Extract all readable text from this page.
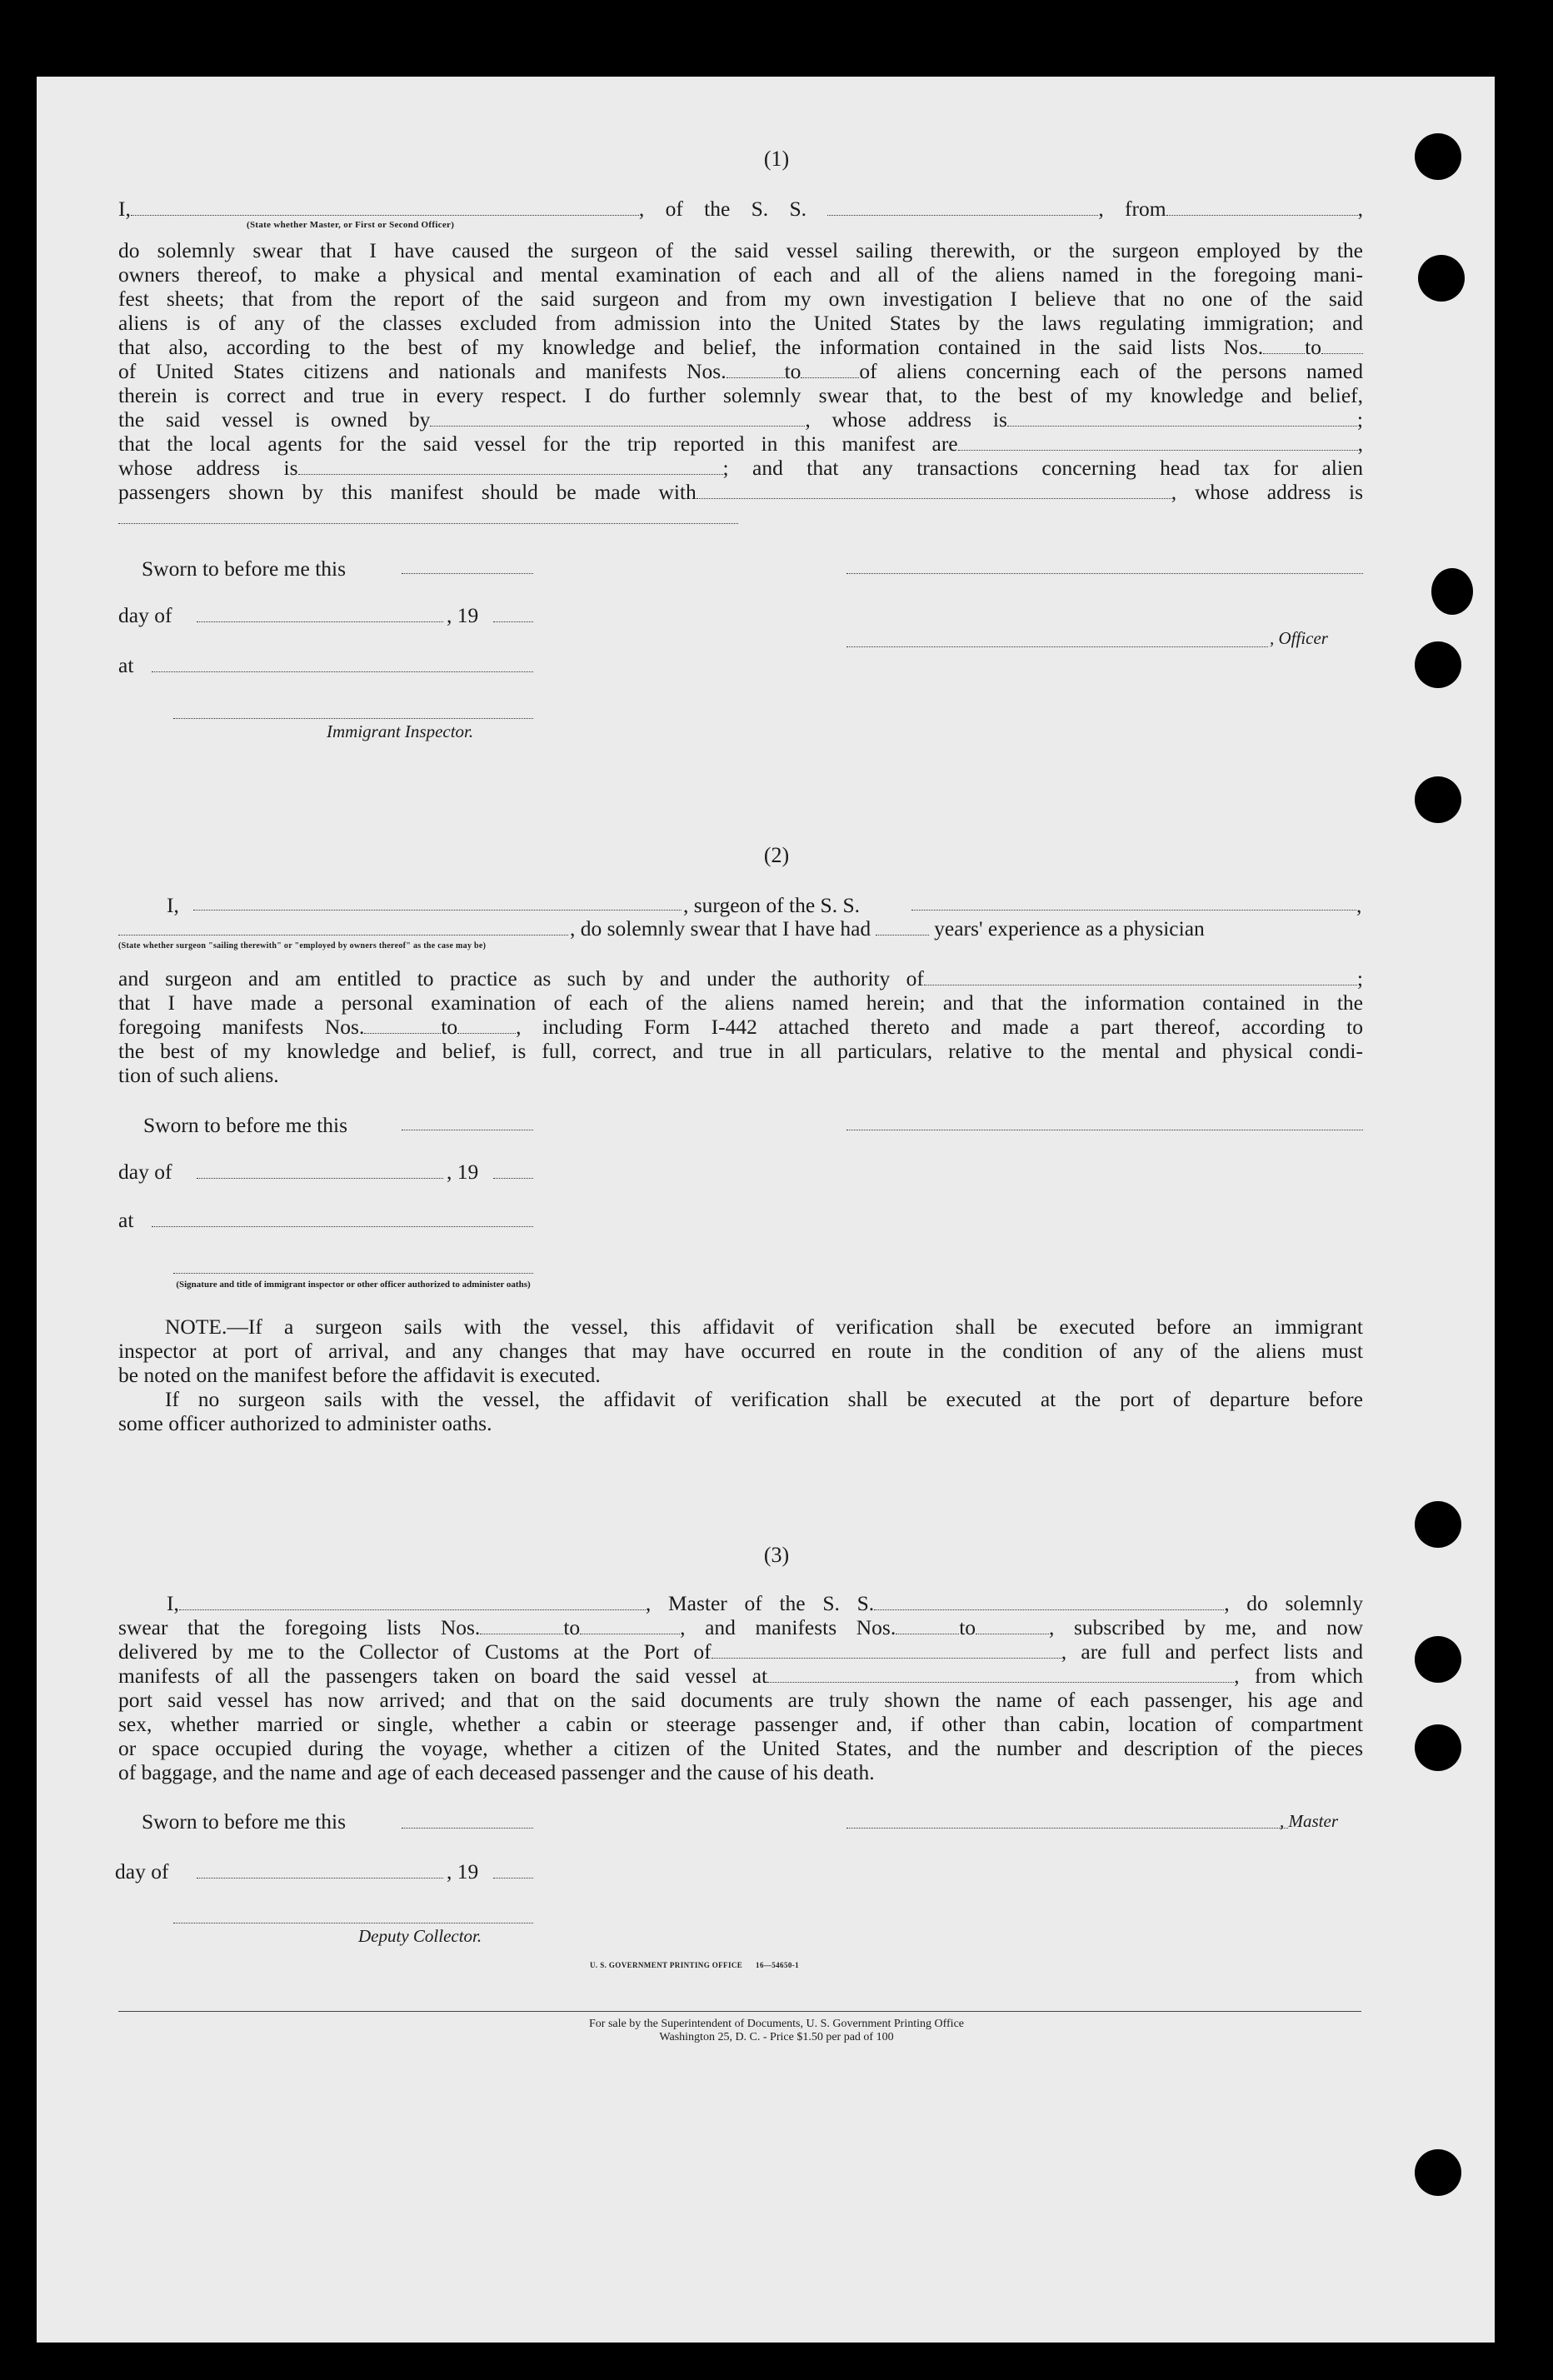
(1)
I,	, of the S. S.	, from	,
(State whether Master, or First or Second Officer)
do solemnly swear that I have caused the surgeon of the said vessel sailing therewith, or the surgeon employed by the
owners thereof, to make a physical and mental examination of each and all of the aliens named in the foregoing mani-
fest sheets; that from the report of the said surgeon and from my own investigation I believe that no one of the said
aliens is of any of the classes excluded from admission into the United States by the laws regulating immigration; and
that also, according to the best of my knowledge and belief, the information contained in the said lists Nos. to
of United States citizens and nationals and manifests Nos.	to	of aliens concerning each of the persons named
therein is correct and true in every respect. I do further solemnly swear that, to the best of my knowledge and belief,
the said vessel is owned by	, whose address is	;
that the local agents for the said vessel for the trip reported in this manifest are	,
whose address is	; and that any transactions concerning head tax for alien
passengers shown by this manifest should be made with	, whose address is
Sworn to before me this
day of	, 19
, Officer
at
Immigrant Inspector.
(2)
I,	, surgeon of the S. S.	,
, do solemnly swear that I have had	years' experience as a physician
(State whether surgeon "sailing therewith" or "employed by owners thereof" as the case may be)
and surgeon and am entitled to practice as such by and under the authority of	;
that I have made a personal examination of each of the aliens named herein; and that the information contained in the
foregoing manifests Nos.	to	, including Form I-442 attached thereto and made a part thereof, according to
the best of my knowledge and belief, is full, correct, and true in all particulars, relative to the mental and physical condi-
tion of such aliens.
Sworn to before me this
day of	, 19
at
(Signature and title of immigrant inspector or other officer authorized to administer oaths)
NOTE.—If a surgeon sails with the vessel, this affidavit of verification shall be executed before an immigrant
inspector at port of arrival, and any changes that may have occurred en route in the condition of any of the aliens must
be noted on the manifest before the affidavit is executed.
If no surgeon sails with the vessel, the affidavit of verification shall be executed at the port of departure before
some officer authorized to administer oaths.
(3)
I,	, Master of the S. S.	, do solemnly
swear that the foregoing lists Nos.	to	, and manifests Nos.	to	, subscribed by me, and now
delivered by me to the Collector of Customs at the Port of	, are full and perfect lists and
manifests of all the passengers taken on board the said vessel at	, from which
port said vessel has now arrived; and that on the said documents are truly shown the name of each passenger, his age and
sex, whether married or single, whether a cabin or steerage passenger and, if other than cabin, location of compartment
or space occupied during the voyage, whether a citizen of the United States, and the number and description of the pieces
of baggage, and the name and age of each deceased passenger and the cause of his death.
Sworn to before me this	, Master
day of	, 19
Deputy Collector.
U. S. GOVERNMENT PRINTING OFFICE      16—54650-1
For sale by the Superintendent of Documents, U. S. Government Printing Office
Washington 25, D. C. - Price $1.50 per pad of 100
